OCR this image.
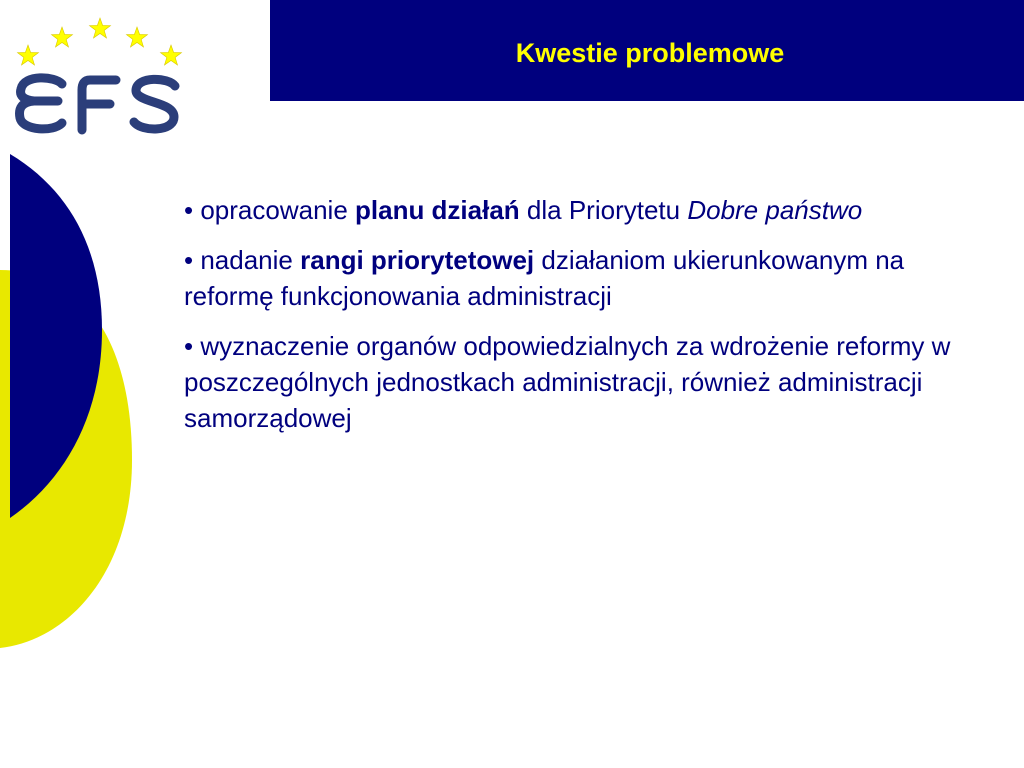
Kwestie problemowe
• opracowanie planu działań dla Priorytetu Dobre państwo
• nadanie rangi priorytetowej działaniom ukierunkowanym na reformę funkcjonowania administracji
• wyznaczenie organów odpowiedzialnych za wdrożenie reformy w poszczególnych jednostkach administracji, również administracji samorządowej
